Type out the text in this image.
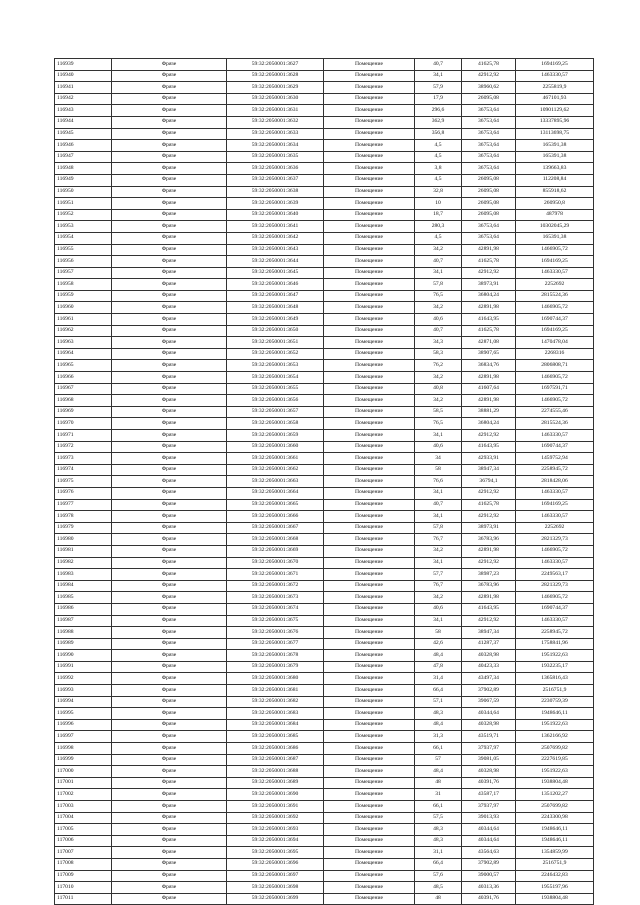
116939	Фрязе	59:32:2050001:3627	Помещение	40,7	41625,78	1694169,25
116940	Фрязе	59:32:2050001:3628	Помещение	34,1	42912,92	1463330,57
116941	Фрязе	59:32:2050001:3629	Помещение	57,9	38960,62	2255819,9
116942	Фрязе	59:32:2050001:3630	Помещение	17,9	26095,08	467101,93
116943	Фрязе	59:32:2050001:3631	Помещение	296,6	36753,64	10901129,62
116944	Фрязе	59:32:2050001:3632	Помещение	362,9	36753,64	13337895,96
116945	Фрязе	59:32:2050001:3633	Помещение	356,8	36753,64	13113698,75
116946	Фрязе	59:32:2050001:3634	Помещение	4,5	36753,64	165391,38
116947	Фрязе	59:32:2050001:3635	Помещение	4,5	36753,64	165391,38
116948	Фрязе	59:32:2050001:3636	Помещение	3,8	36753,64	139663,83
116949	Фрязе	59:32:2050001:3637	Помещение	4,5	26095,08	112208,84
116950	Фрязе	59:32:2050001:3638	Помещение	32,8	26095,08	855918,62
116951	Фрязе	59:32:2050001:3639	Помещение	10	26095,08	260950,8
116952	Фрязе	59:32:2050001:3640	Помещение	18,7	26095,08	487978
116953	Фрязе	59:32:2050001:3641	Помещение	280,3	36753,64	10302045,29
116954	Фрязе	59:32:2050001:3642	Помещение	4,5	36753,64	165391,38
116955	Фрязе	59:32:2050001:3643	Помещение	34,2	42891,98	1466905,72
116956	Фрязе	59:32:2050001:3644	Помещение	40,7	41625,78	1694169,25
116957	Фрязе	59:32:2050001:3645	Помещение	34,1	42912,92	1463330,57
116958	Фрязе	59:32:2050001:3646	Помещение	57,8	38973,91	2252692
116959	Фрязе	59:32:2050001:3647	Помещение	76,5	36804,24	2815524,36
116960	Фрязе	59:32:2050001:3648	Помещение	34,2	42891,98	1466905,72
116961	Фрязе	59:32:2050001:3649	Помещение	40,6	41643,95	1690744,37
116962	Фрязе	59:32:2050001:3650	Помещение	40,7	41625,78	1694169,25
116963	Фрязе	59:32:2050001:3651	Помещение	34,3	42871,08	1470478,04
116964	Фрязе	59:32:2050001:3652	Помещение	58,3	38907,65	2268316
116965	Фрязе	59:32:2050001:3653	Помещение	76,2	36834,76	2806808,71
116966	Фрязе	59:32:2050001:3654	Помещение	34,2	42891,98	1466905,72
116967	Фрязе	59:32:2050001:3655	Помещение	40,8	41607,64	1697591,71
116968	Фрязе	59:32:2050001:3656	Помещение	34,2	42891,98	1466905,72
116969	Фрязе	59:32:2050001:3657	Помещение	58,5	38881,29	2274555,46
116970	Фрязе	59:32:2050001:3658	Помещение	76,5	36804,24	2815524,36
116971	Фрязе	59:32:2050001:3659	Помещение	34,1	42912,92	1463330,57
116972	Фрязе	59:32:2050001:3660	Помещение	40,6	41643,95	1690744,37
116973	Фрязе	59:32:2050001:3661	Помещение	34	42933,91	1459752,94
116974	Фрязе	59:32:2050001:3662	Помещение	58	38947,34	2258945,72
116975	Фрязе	59:32:2050001:3663	Помещение	76,6	36794,1	2818428,06
116976	Фрязе	59:32:2050001:3664	Помещение	34,1	42912,92	1463330,57
116977	Фрязе	59:32:2050001:3665	Помещение	40,7	41625,78	1694169,25
116978	Фрязе	59:32:2050001:3666	Помещение	34,1	42912,92	1463330,57
116979	Фрязе	59:32:2050001:3667	Помещение	57,8	38973,91	2252692
116980	Фрязе	59:32:2050001:3668	Помещение	76,7	36783,96	2821329,73
116981	Фрязе	59:32:2050001:3669	Помещение	34,2	42891,98	1466905,72
116982	Фрязе	59:32:2050001:3670	Помещение	34,1	42912,92	1463330,57
116983	Фрязе	59:32:2050001:3671	Помещение	57,7	38987,23	2249563,17
116984	Фрязе	59:32:2050001:3672	Помещение	76,7	36783,96	2821329,73
116985	Фрязе	59:32:2050001:3673	Помещение	34,2	42891,98	1466905,72
116986	Фрязе	59:32:2050001:3674	Помещение	40,6	41643,95	1690744,37
116987	Фрязе	59:32:2050001:3675	Помещение	34,1	42912,92	1463330,57
116988	Фрязе	59:32:2050001:3676	Помещение	58	38947,34	2258945,72
116989	Фрязе	59:32:2050001:3677	Помещение	42,6	41287,37	1758841,96
116990	Фрязе	59:32:2050001:3678	Помещение	48,4	40328,98	1951922,63
116991	Фрязе	59:32:2050001:3679	Помещение	47,8	40423,33	1932235,17
116992	Фрязе	59:32:2050001:3680	Помещение	31,4	43497,34	1365816,43
116993	Фрязе	59:32:2050001:3681	Помещение	66,4	37902,89	2516751,9
116994	Фрязе	59:32:2050001:3682	Помещение	57,1	39067,59	2230759,39
116995	Фрязе	59:32:2050001:3683	Помещение	48,3	40344,64	1948646,11
116996	Фрязе	59:32:2050001:3684	Помещение	48,4	40328,98	1951922,63
116997	Фрязе	59:32:2050001:3685	Помещение	31,3	43519,71	1362166,92
116998	Фрязе	59:32:2050001:3686	Помещение	66,1	37937,97	2507699,82
116999	Фрязе	59:32:2050001:3687	Помещение	57	39081,05	2227619,85
117000	Фрязе	59:32:2050001:3688	Помещение	48,4	40328,98	1951922,63
117001	Фрязе	59:32:2050001:3689	Помещение	48	40391,76	1938804,48
117002	Фрязе	59:32:2050001:3690	Помещение	31	43587,17	1351202,27
117003	Фрязе	59:32:2050001:3691	Помещение	66,1	37937,97	2507699,82
117004	Фрязе	59:32:2050001:3692	Помещение	57,5	39013,93	2243300,98
117005	Фрязе	59:32:2050001:3693	Помещение	48,3	40344,64	1948646,11
117006	Фрязе	59:32:2050001:3694	Помещение	48,3	40344,64	1948646,11
117007	Фрязе	59:32:2050001:3695	Помещение	31,1	43564,63	1354859,99
117008	Фрязе	59:32:2050001:3696	Помещение	66,4	37902,89	2516751,9
117009	Фрязе	59:32:2050001:3697	Помещение	57,6	39000,57	2246432,83
117010	Фрязе	59:32:2050001:3698	Помещение	48,5	40313,36	1955197,96
117011	Фрязе	59:32:2050001:3699	Помещение	48	40391,76	1938804,48
